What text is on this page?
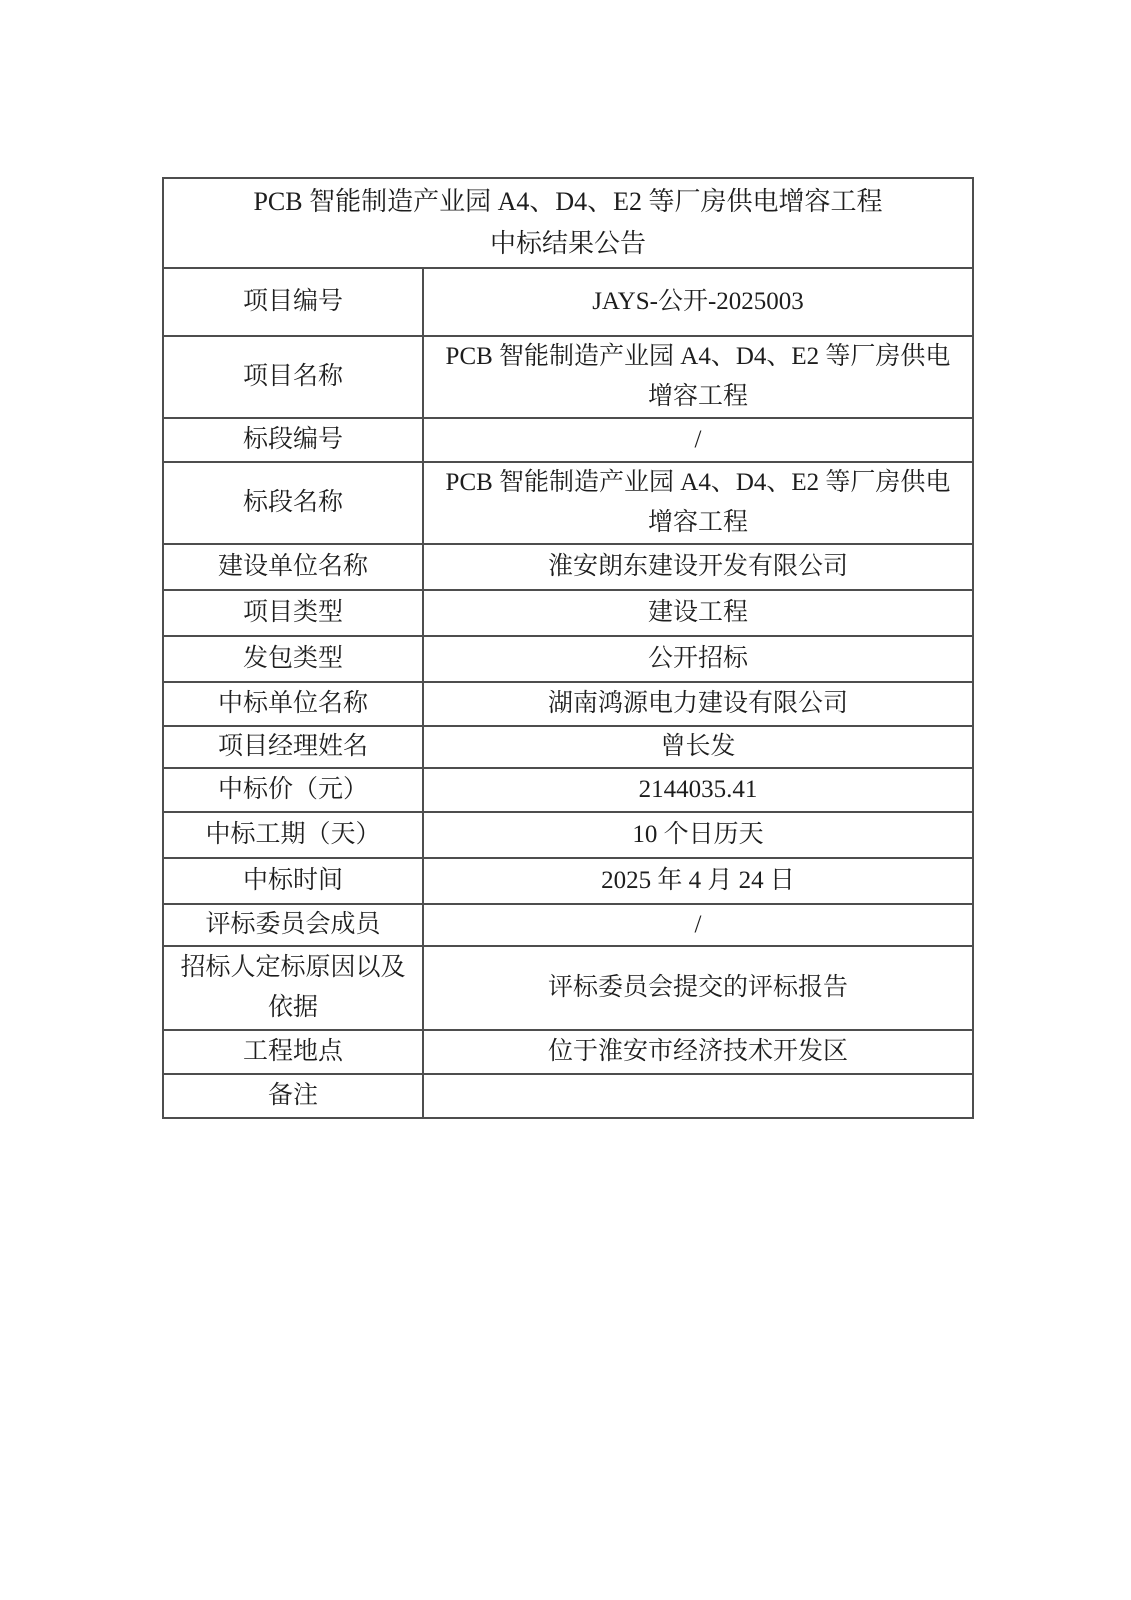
PCB 智能制造产业园 A4、D4、E2 等厂房供电增容工程
中标结果公告	

项目编号	JAYS-公开-2025003
项目名称	PCB 智能制造产业园 A4、D4、E2 等厂房供电增容工程
标段编号	/
标段名称	PCB 智能制造产业园 A4、D4、E2 等厂房供电增容工程
建设单位名称	淮安朗东建设开发有限公司
项目类型	建设工程
发包类型	公开招标
中标单位名称	湖南鸿源电力建设有限公司
项目经理姓名	曾长发
中标价（元）	2144035.41
中标工期（天）	10 个日历天
中标时间	2025 年 4 月 24 日
评标委员会成员	/
招标人定标原因以及依据	评标委员会提交的评标报告
工程地点	位于淮安市经济技术开发区
备注	
